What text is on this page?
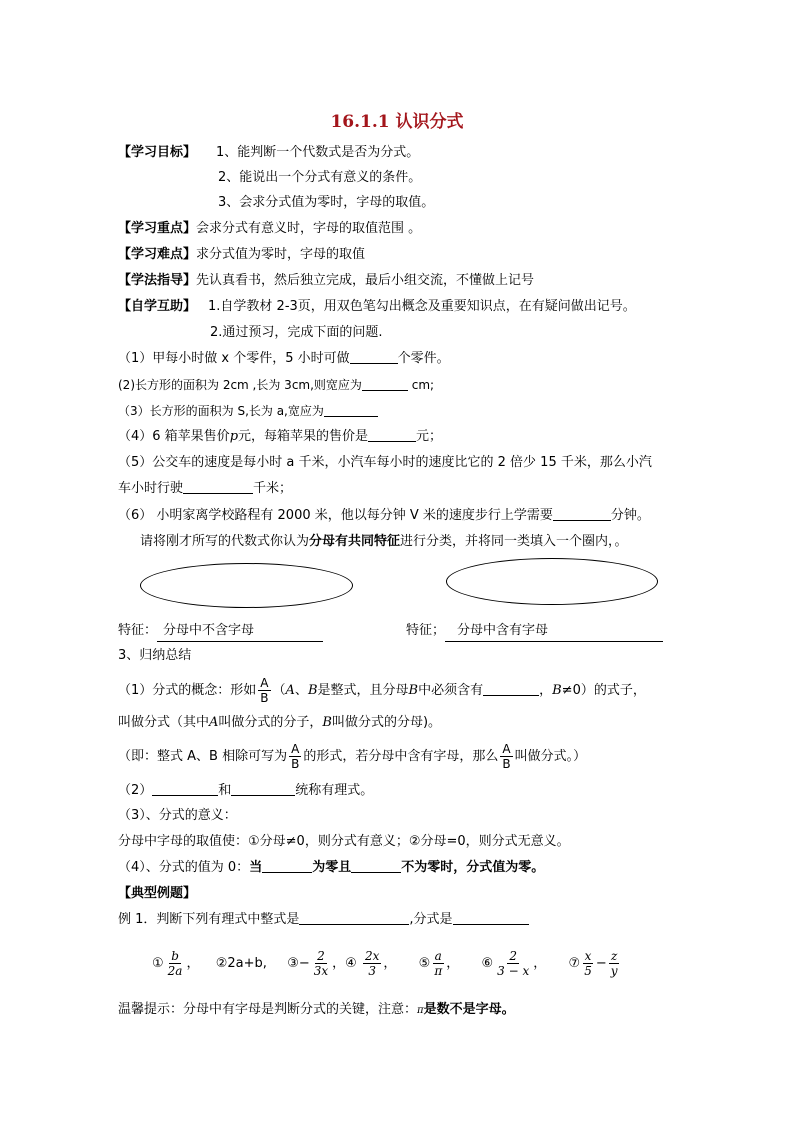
16.1.1 认识分式
【学习目标】 1、能判断一个代数式是否为分式。
2、能说出一个分式有意义的条件。
3、会求分式值为零时，字母的取值。
【学习重点】会求分式有意义时，字母的取值范围 。
【学习难点】求分式值为零时，字母的取值
【学法指导】先认真看书，然后独立完成，最后小组交流，不懂做上记号
【自学互助】 1.自学教材 2-3页，用双色笔勾出概念及重要知识点，在有疑问做出记号。
2.通过预习，完成下面的问题.
（1）甲每小时做 x 个零件，5 小时可做	个零件。
(2)长方形的面积为 2cm ,长为 3cm,则宽应为	cm;
（3）长方形的面积为 S,长为 a,宽应为
（4）6 箱苹果售价p元，每箱苹果的售价是	元；
（5）公交车的速度是每小时 a 千米，小汽车每小时的速度比它的 2 倍少 15 千米，那么小汽
车小时行驶	千米；
（6） 小明家离学校路程有 2000 米，他以每分钟 V 米的速度步行上学需要	分钟。
请将刚才所写的代数式你认为分母有共同特征进行分类，并将同一类填入一个圈内，。
特征： 分母中不含字母	特征； 分母中含有字母
3、归纳总结
（1）分式的概念：形如 $\frac{A}{B} (A$、B是整式，且分母B中必须含有	，B≠0）的式子，
叫做分式（其中A叫做分式的分子，B叫做分式的分母)。
（即：整式 A、B 相除可写为 $\frac{A}{B}$ 的形式，若分母中含有字母，那么 $\frac{A}{B}$ 叫做分式。）
（2）	和	统称有理式。
（3）、分式的意义：
分母中字母的取值使：①分母≠0，则分式有意义；②分母=0，则分式无意义。
（4）、分式的值为 0：当	为零且	不为零时，分式值为零。
【典型例题】
例 1．判断下列有理式中整式是	,分式是
① $\frac{b}{2a}$ ， ②2a+b, ③− $\frac{2}{3x}$ ，④ $\frac{2x}{3}$ ， ⑤ $\frac{a}{\pi}$ ， ⑥ $\frac{2}{3 - x}$ ， ⑦ $\frac{x}{5} - \frac{z}{y}$
温馨提示：分母中有字母是判断分式的关键，注意：π是数不是字母。
